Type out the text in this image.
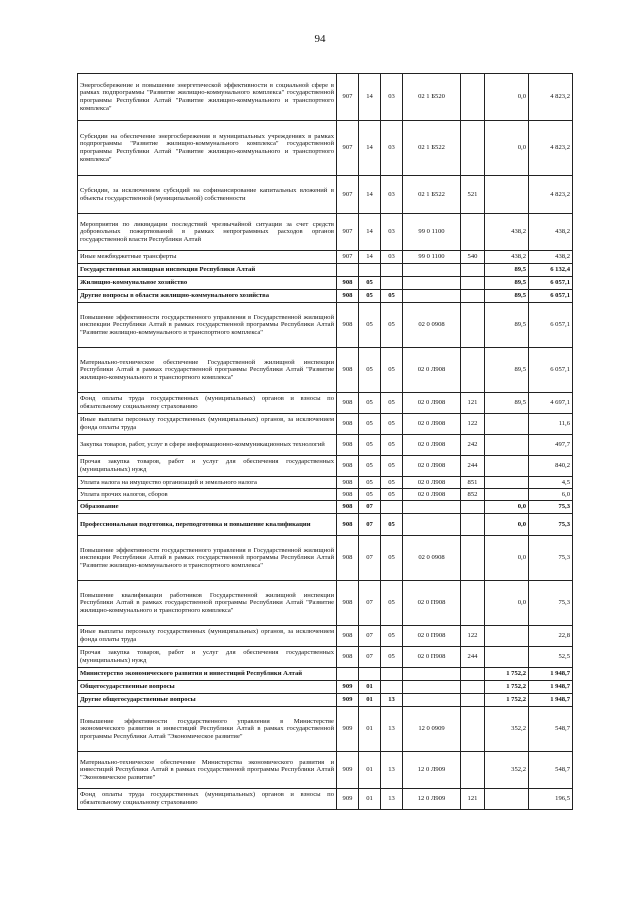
94
Энергосбережение и повышение энергетической эффективности в социальной сфере в рамках подпрограммы "Развитие жилищно-коммунального комплекса" государственной программы Республики Алтай "Развитие жилищно-коммунального и транспортного комплекса"	907	14	03	02 1 Б520		0,0	4 823,2
Субсидии на обеспечение энергосбережения в муниципальных учреждениях в рамках подпрограммы "Развитие жилищно-коммунального комплекса" государственной программы Республики Алтай "Развитие жилищно-коммунального и транспортного комплекса"	907	14	03	02 1 Б522		0,0	4 823,2
Субсидии, за исключением субсидий на софинансирование капитальных вложений в объекты государственной (муниципальной) собственности	907	14	03	02 1 Б522	521		4 823,2
Мероприятия по ликвидации последствий чрезвычайной ситуации за счет средств добровольных пожертвований в рамках непрограммных расходов органов государственной власти Республики Алтай	907	14	03	99 0 1100		438,2	438,2
Иные межбюджетные трансферты	907	14	03	99 0 1100	540	438,2	438,2
Государственная жилищная инспекция Республики Алтай						89,5	6 132,4
Жилищно-коммунальное хозяйство	908	05				89,5	6 057,1
Другие вопросы в области жилищно-коммунального хозяйства	908	05	05			89,5	6 057,1
Повышение эффективности государственного управления в Государственной жилищной инспекции Республики Алтай в рамках государственной программы Республики Алтай "Развитие жилищно-коммунального и транспортного комплекса"	908	05	05	02 0 0908		89,5	6 057,1
Материально-техническое обеспечение Государственной жилищной инспекции Республики Алтай в рамках государственной программы Республики Алтай "Развитие жилищно-коммунального и транспортного комплекса"	908	05	05	02 0 Л908		89,5	6 057,1
Фонд оплаты труда государственных (муниципальных) органов и взносы по обязательному социальному страхованию	908	05	05	02 0 Л908	121	89,5	4 697,1
Иные выплаты персоналу государственных (муниципальных) органов, за исключением фонда оплаты труда	908	05	05	02 0 Л908	122		11,6
Закупка товаров, работ, услуг в сфере информационно-коммуникационных технологий	908	05	05	02 0 Л908	242		497,7
Прочая закупка товаров, работ и услуг для обеспечения государственных (муниципальных) нужд	908	05	05	02 0 Л908	244		840,2
Уплата налога на имущество организаций и земельного налога	908	05	05	02 0 Л908	851		4,5
Уплата прочих налогов, сборов	908	05	05	02 0 Л908	852		6,0
Образование	908	07				0,0	75,3
Профессиональная подготовка, переподготовка и повышение квалификации	908	07	05			0,0	75,3
Повышение эффективности государственного управления в Государственной жилищной инспекции Республики Алтай в рамках государственной программы Республики Алтай "Развитие жилищно-коммунального и транспортного комплекса"	908	07	05	02 0 0908		0,0	75,3
Повышение квалификации работников Государственной жилищной инспекции Республики Алтай в рамках государственной программы Республики Алтай "Развитие жилищно-коммунального и транспортного комплекса"	908	07	05	02 0 П908		0,0	75,3
Иные выплаты персоналу государственных (муниципальных) органов, за исключением фонда оплаты труда	908	07	05	02 0 П908	122		22,8
Прочая закупка товаров, работ и услуг для обеспечения государственных (муниципальных) нужд	908	07	05	02 0 П908	244		52,5
Министерство экономического развития и инвестиций Республики Алтай						1 752,2	1 948,7
Общегосударственные вопросы	909	01				1 752,2	1 948,7
Другие общегосударственные вопросы	909	01	13			1 752,2	1 948,7
Повышение эффективности государственного управления в Министерстве экономического развития и инвестиций Республики Алтай в рамках государственной программы Республики Алтай "Экономическое развитие"	909	01	13	12 0 0909		352,2	548,7
Материально-техническое обеспечение Министерства экономического развития и инвестиций Республики Алтай в рамках государственной программы Республики Алтай "Экономическое развитие"	909	01	13	12 0 Л909		352,2	548,7
Фонд оплаты труда государственных (муниципальных) органов и взносы по обязательному социальному страхованию	909	01	13	12 0 Л909	121		196,5
